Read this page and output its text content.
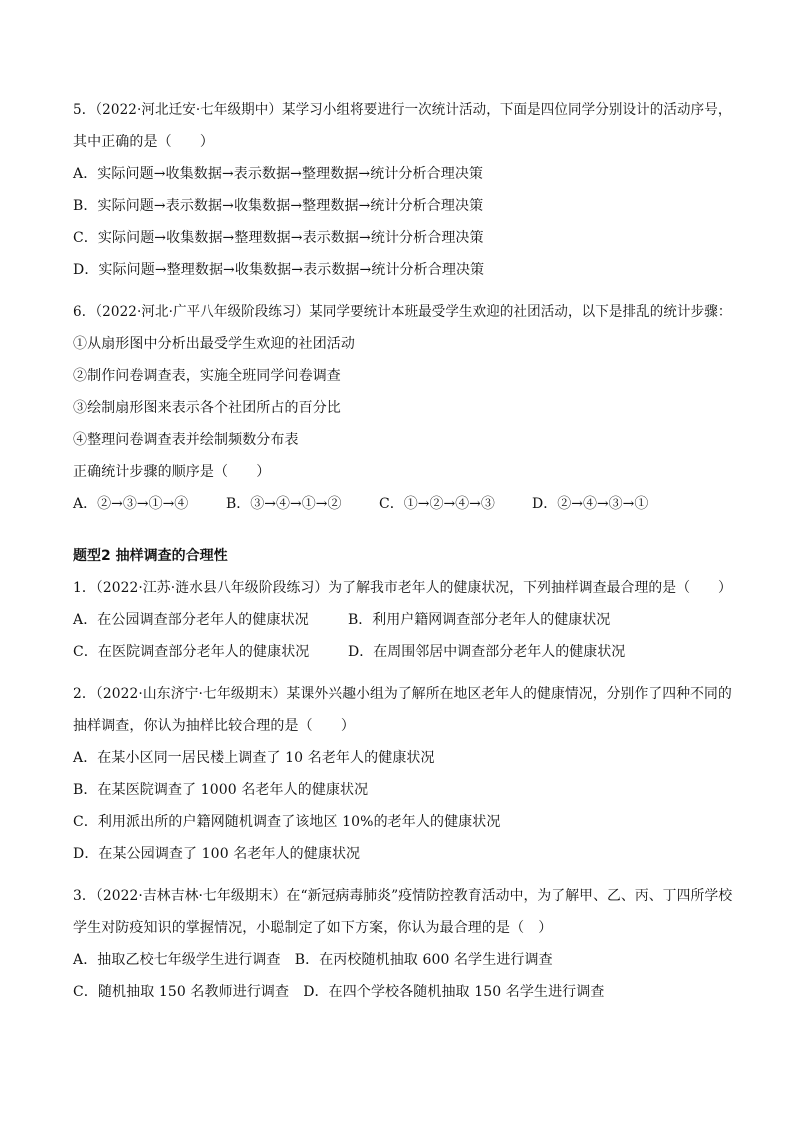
5．（2022·河北迁安·七年级期中）某学习小组将要进行一次统计活动，下面是四位同学分别设计的活动序号，
其中正确的是（　　）
A．实际问题→收集数据→表示数据→整理数据→统计分析合理决策
B．实际问题→表示数据→收集数据→整理数据→统计分析合理决策
C．实际问题→收集数据→整理数据→表示数据→统计分析合理决策
D．实际问题→整理数据→收集数据→表示数据→统计分析合理决策
6．（2022·河北·广平八年级阶段练习）某同学要统计本班最受学生欢迎的社团活动，以下是排乱的统计步骤：
①从扇形图中分析出最受学生欢迎的社团活动
②制作问卷调查表，实施全班同学问卷调查
③绘制扇形图来表示各个社团所占的百分比
④整理问卷调查表并绘制频数分布表
正确统计步骤的顺序是（　　）
A．②→③→①→④	B．③→④→①→②	C．①→②→④→③	D．②→④→③→①
题型2 抽样调查的合理性
1．（2022·江苏·涟水县八年级阶段练习）为了解我市老年人的健康状况，下列抽样调查最合理的是（　　）
A．在公园调查部分老年人的健康状况	B．利用户籍网调查部分老年人的健康状况
C．在医院调查部分老年人的健康状况	D．在周围邻居中调查部分老年人的健康状况
2．（2022·山东济宁·七年级期末）某课外兴趣小组为了解所在地区老年人的健康情况，分别作了四种不同的
抽样调查，你认为抽样比较合理的是（　　）
A．在某小区同一居民楼上调查了 10 名老年人的健康状况
B．在某医院调查了 1000 名老年人的健康状况
C．利用派出所的户籍网随机调查了该地区 10%的老年人的健康状况
D．在某公园调查了 100 名老年人的健康状况
3．（2022·吉林吉林·七年级期末）在“新冠病毒肺炎”疫情防控教育活动中，为了解甲、乙、丙、丁四所学校
学生对防疫知识的掌握情况，小聪制定了如下方案，你认为最合理的是（　）
A．抽取乙校七年级学生进行调查　B．在丙校随机抽取 600 名学生进行调查
C．随机抽取 150 名教师进行调查　D．在四个学校各随机抽取 150 名学生进行调查
